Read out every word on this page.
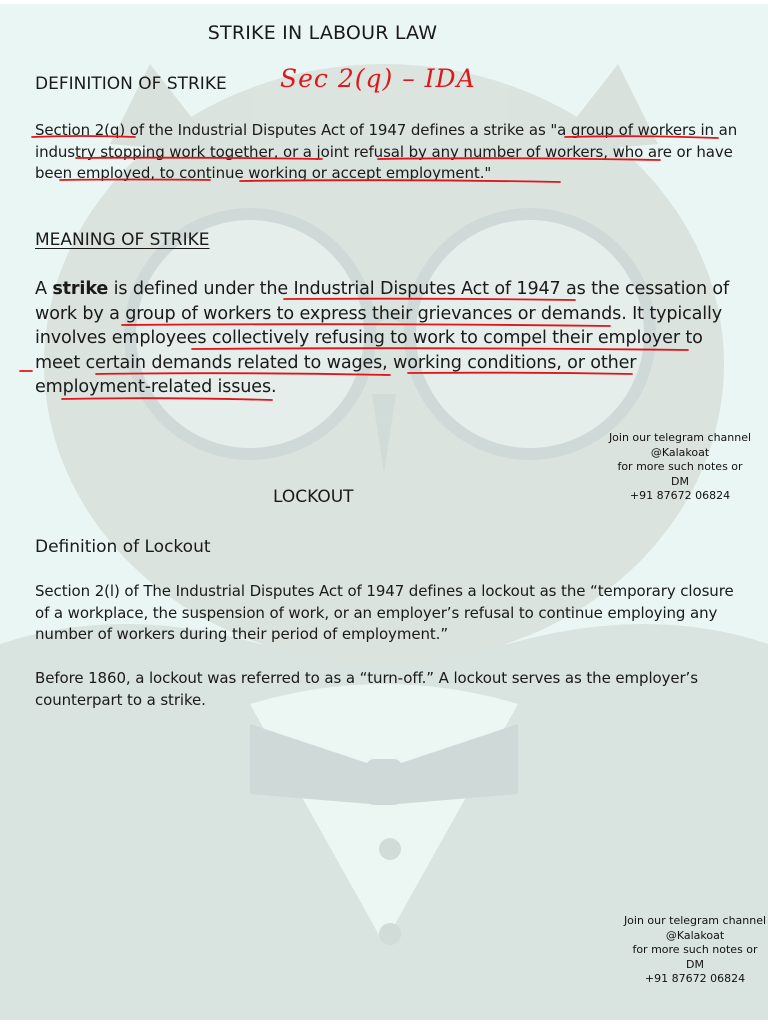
STRIKE IN LABOUR LAW
DEFINITION OF STRIKE Sec 2(q) – IDA

Section 2(q) of the Industrial Disputes Act of 1947 defines a strike as "a group of workers in an industry stopping work together, or a joint refusal by any number of workers, who are or have been employed, to continue working or accept employment."

MEANING OF STRIKE

A strike is defined under the Industrial Disputes Act of 1947 as the cessation of work by a group of workers to express their grievances or demands. It typically involves employees collectively refusing to work to compel their employer to meet certain demands related to wages, working conditions, or other employment-related issues.

Join our telegram channel
@Kalakoat
for more such notes or
DM
+91 87672 06824
LOCKOUT
Definition of Lockout

Section 2(l) of The Industrial Disputes Act of 1947 defines a lockout as the “temporary closure of a workplace, the suspension of work, or an employer’s refusal to continue employing any number of workers during their period of employment.”

Before 1860, a lockout was referred to as a “turn-off.” A lockout serves as the employer’s counterpart to a strike.

Join our telegram channel
@Kalakoat
for more such notes or
DM
+91 87672 06824
